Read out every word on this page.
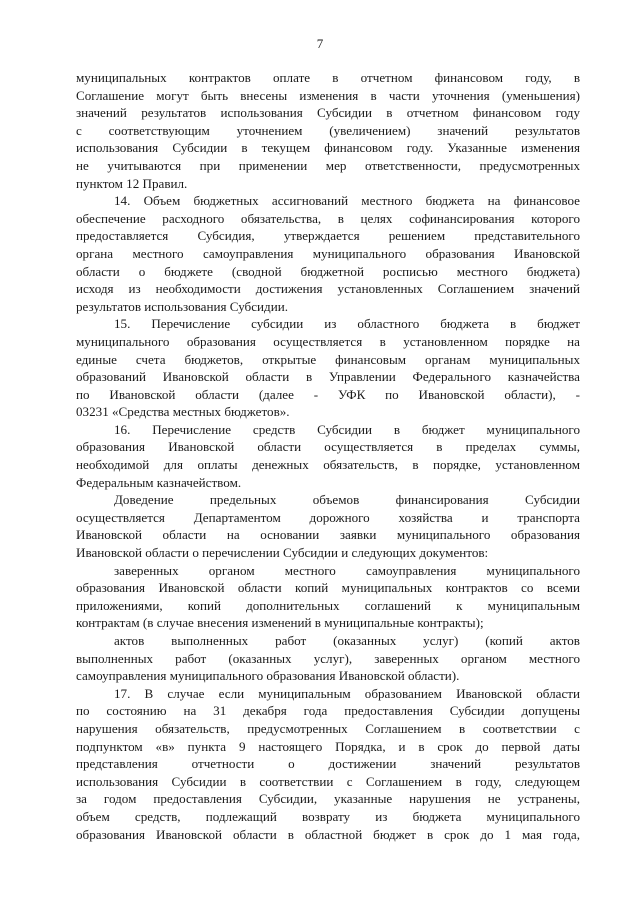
7
муниципальных контрактов оплате в отчетном финансовом году, в
Соглашение могут быть внесены изменения в части уточнения (уменьшения)
значений результатов использования Субсидии в отчетном финансовом году
с соответствующим уточнением (увеличением) значений результатов
использования Субсидии в текущем финансовом году. Указанные изменения
не учитываются при применении мер ответственности, предусмотренных
пунктом 12 Правил.
14. Объем бюджетных ассигнований местного бюджета на финансовое
обеспечение расходного обязательства, в целях софинансирования которого
предоставляется Субсидия, утверждается решением представительного
органа местного самоуправления муниципального образования Ивановской
области о бюджете (сводной бюджетной росписью местного бюджета)
исходя из необходимости достижения установленных Соглашением значений
результатов использования Субсидии.
15. Перечисление субсидии из областного бюджета в бюджет
муниципального образования осуществляется в установленном порядке на
единые счета бюджетов, открытые финансовым органам муниципальных
образований Ивановской области в Управлении Федерального казначейства
по Ивановской области (далее - УФК по Ивановской области), -
03231 «Средства местных бюджетов».
16. Перечисление средств Субсидии в бюджет муниципального
образования Ивановской области осуществляется в пределах суммы,
необходимой для оплаты денежных обязательств, в порядке, установленном
Федеральным казначейством.
Доведение предельных объемов финансирования Субсидии
осуществляется Департаментом дорожного хозяйства и транспорта
Ивановской области на основании заявки муниципального образования
Ивановской области о перечислении Субсидии и следующих документов:
заверенных органом местного самоуправления муниципального
образования Ивановской области копий муниципальных контрактов со всеми
приложениями, копий дополнительных соглашений к муниципальным
контрактам (в случае внесения изменений в муниципальные контракты);
актов выполненных работ (оказанных услуг) (копий актов
выполненных работ (оказанных услуг), заверенных органом местного
самоуправления муниципального образования Ивановской области).
17. В случае если муниципальным образованием Ивановской области
по состоянию на 31 декабря года предоставления Субсидии допущены
нарушения обязательств, предусмотренных Соглашением в соответствии с
подпунктом «в» пункта 9 настоящего Порядка, и в срок до первой даты
представления отчетности о достижении значений результатов
использования Субсидии в соответствии с Соглашением в году, следующем
за годом предоставления Субсидии, указанные нарушения не устранены,
объем средств, подлежащий возврату из бюджета муниципального
образования Ивановской области в областной бюджет в срок до 1 мая года,
